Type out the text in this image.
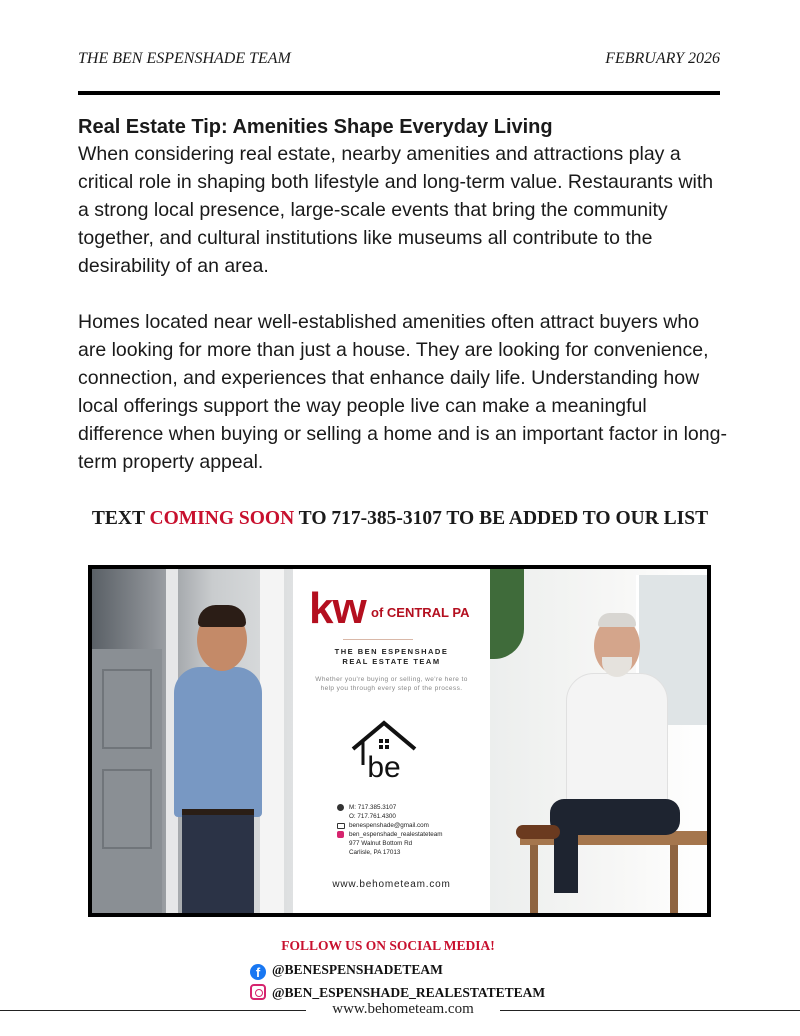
THE BEN ESPENSHADE TEAM	FEBRUARY 2026

Real Estate Tip: Amenities Shape Everyday Living

When considering real estate, nearby amenities and attractions play a critical role in shaping both lifestyle and long-term value. Restaurants with a strong local presence, large-scale events that bring the community together, and cultural institutions like museums all contribute to the desirability of an area.

Homes located near well-established amenities often attract buyers who are looking for more than just a house. They are looking for convenience, connection, and experiences that enhance daily life. Understanding how local offerings support the way people live can make a meaningful difference when buying or selling a home and is an important factor in long-term property appeal.

TEXT COMING SOON TO 717-385-3107 TO BE ADDED TO OUR LIST
kw of CENTRAL PA
THE BEN ESPENSHADE
REAL ESTATE TEAM
Whether you're buying or selling, we're here to help you through every step of the process.
be
M: 717.385.3107
O: 717.761.4300
benespenshade@gmail.com
ben_espenshade_realestateteam
977 Walnut Bottom Rd
Carlisle, PA 17013
www.behometeam.com
FOLLOW US ON SOCIAL MEDIA!
f @BENESPENSHADETEAM
@BEN_ESPENSHADE_REALESTATETEAM
www.behometeam.com
